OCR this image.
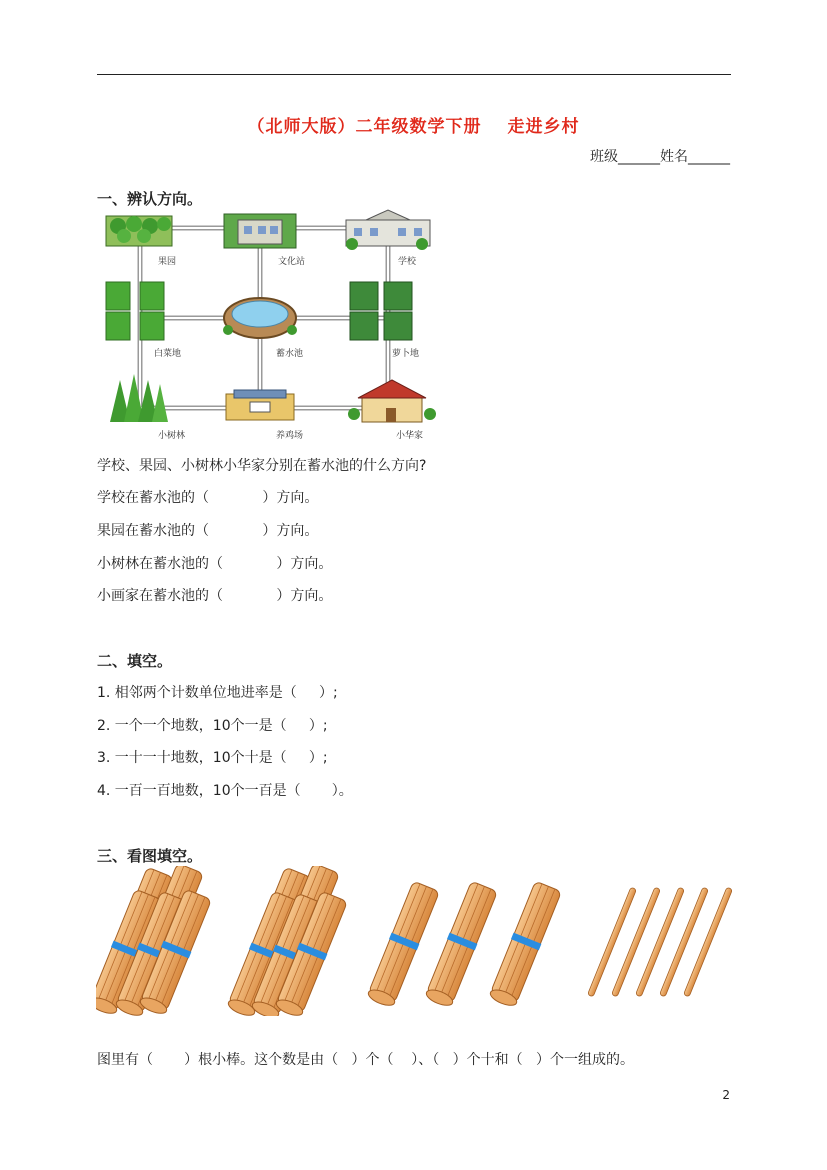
（北师大版）二年级数学下册 走进乡村
班级______姓名______
一、辨认方向。
果园	文化站	学校
白菜地	蓄水池	萝卜地
小树林	养鸡场	小华家
学校、果园、小树林小华家分别在蓄水池的什么方向?
学校在蓄水池的（            ）方向。
果园在蓄水池的（            ）方向。
小树林在蓄水池的（            ）方向。
小画家在蓄水池的（            ）方向。
二、填空。
1. 相邻两个计数单位地进率是（     ）;
2. 一个一个地数，10个一是（     ）;
3. 一十一十地数，10个十是（     ）;
4. 一百一百地数，10个一百是（       ）。
三、看图填空。
图里有（       ）根小棒。这个数是由（   ）个（    ）、（   ）个十和（   ）个一组成的。
2
